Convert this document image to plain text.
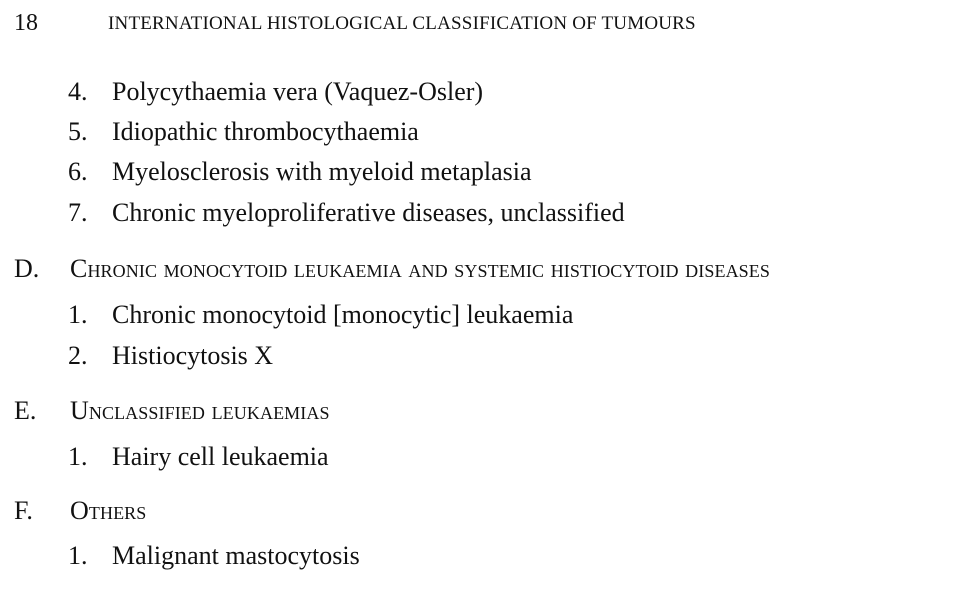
18	INTERNATIONAL HISTOLOGICAL CLASSIFICATION OF TUMOURS
4. Polycythaemia vera (Vaquez-Osler)
5. Idiopathic thrombocythaemia
6. Myelosclerosis with myeloid metaplasia
7. Chronic myeloproliferative diseases, unclassified
D. Chronic monocytoid leukaemia and systemic histiocytoid diseases
1. Chronic monocytoid [monocytic] leukaemia
2. Histiocytosis X
E. Unclassified leukaemias
1. Hairy cell leukaemia
F. Others
1. Malignant mastocytosis
